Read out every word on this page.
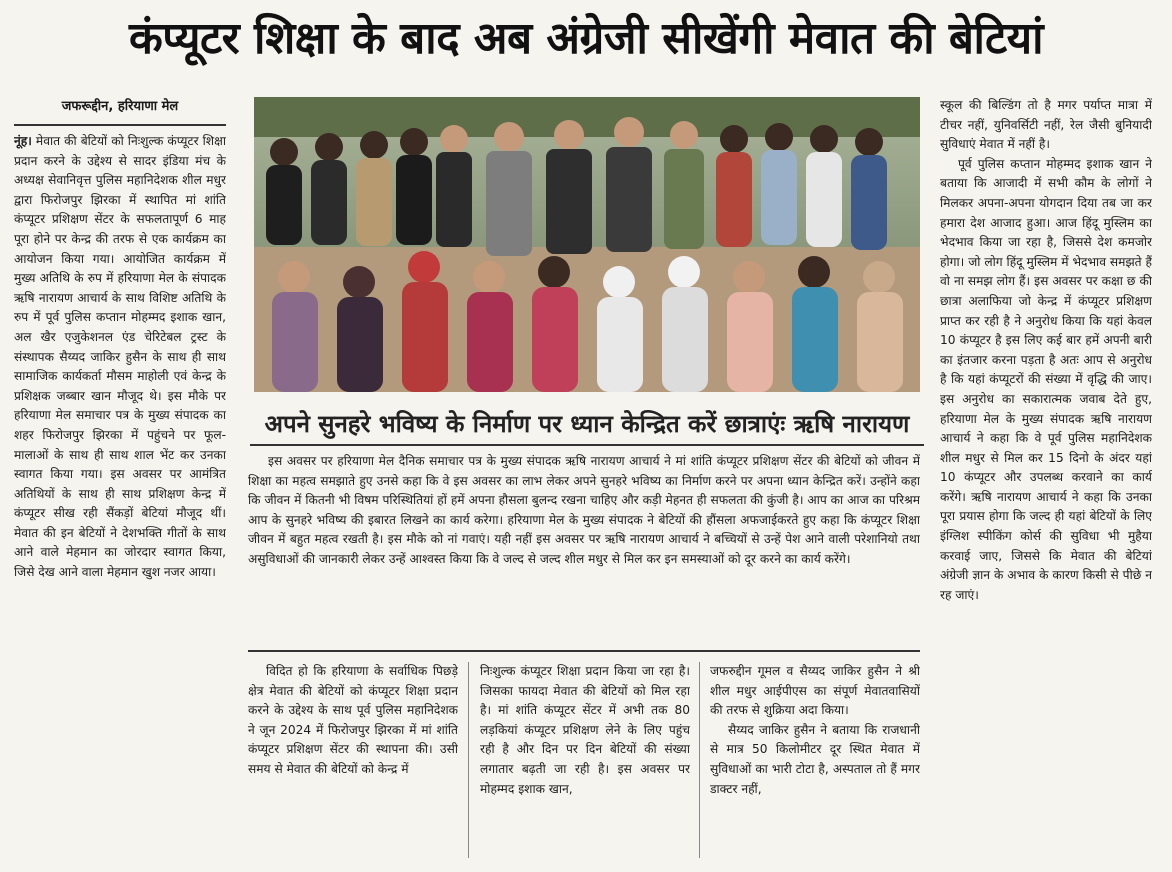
कंप्यूटर शिक्षा के बाद अब अंग्रेजी सीखेंगी मेवात की बेटियां
जफरूद्दीन, हरियाणा मेल

नूंह। मेवात की बेटियों को निःशुल्क कंप्यूटर शिक्षा प्रदान करने के उद्देश्य से सादर इंडिया मंच के अध्यक्ष सेवानिवृत्त पुलिस महानिदेशक शील मधुर द्वारा फिरोजपुर झिरका में स्थापित मां शांति कंप्यूटर प्रशिक्षण सेंटर के सफलतापूर्ण 6 माह पूरा होने पर केन्द्र की तरफ से एक कार्यक्रम का आयोजन किया गया। आयोजित कार्यक्रम में मुख्य अतिथि के रुप में हरियाणा मेल के संपादक ऋषि नारायण आचार्य के साथ विशिष्ट अतिथि के रुप में पूर्व पुलिस कप्तान मोहम्मद इशाक खान, अल खैर एजुकेशनल एंड चेरिटेबल ट्रस्ट के संस्थापक सैय्यद जाकिर हुसैन के साथ ही साथ सामाजिक कार्यकर्ता मौसम माहोली एवं केन्द्र के प्रशिक्षक जब्बार खान मौजूद थे। इस मौके पर हरियाणा मेल समाचार पत्र के मुख्य संपादक का शहर फिरोजपुर झिरका में पहुंचने पर फूल-मालाओं के साथ ही साथ शाल भेंट कर उनका स्वागत किया गया। इस अवसर पर आमंत्रित अतिथियों के साथ ही साथ प्रशिक्षण केन्द्र में कंप्यूटर सीख रही सैंकड़ों बेटियां मौजूद थीं। मेवात की इन बेटियों ने देशभक्ति गीतों के साथ आने वाले मेहमान का जोरदार स्वागत किया, जिसे देख आने वाला मेहमान खुश नजर आया।

अपने सुनहरे भविष्य के निर्माण पर ध्यान केन्द्रित करें छात्राएंः ऋषि नारायण

इस अवसर पर हरियाणा मेल दैनिक समाचार पत्र के मुख्य संपादक ऋषि नारायण आचार्य ने मां शांति कंप्यूटर प्रशिक्षण सेंटर की बेटियों को जीवन में शिक्षा का महत्व समझाते हुए उनसे कहा कि वे इस अवसर का लाभ लेकर अपने सुनहरे भविष्य का निर्माण करने पर अपना ध्यान केन्द्रित करें। उन्होंने कहा कि जीवन में कितनी भी विषम परिस्थितियां हों हमें अपना हौसला बुलन्द रखना चाहिए और कड़ी मेहनत ही सफलता की कुंजी है। आप का आज का परिश्रम आप के सुनहरे भविष्य की इबारत लिखने का कार्य करेगा। हरियाणा मेल के मुख्य संपादक ने बेटियों की हौंसला अफजाईकरते हुए कहा कि कंप्यूटर शिक्षा जीवन में बहुत महत्व रखती है। इस मौके को नां गवाएं। यही नहीं इस अवसर पर ऋषि नारायण आचार्य ने बच्चियों से उन्हें पेश आने वाली परेशानियो तथा असुविधाओं की जानकारी लेकर उन्हें आश्वस्त किया कि वे जल्द से जल्द शील मधुर से मिल कर इन समस्याओं को दूर करने का कार्य करेंगे।

विदित हो कि हरियाणा के सर्वाधिक पिछड़े क्षेत्र मेवात की बेटियों को कंप्यूटर शिक्षा प्रदान करने के उद्देश्य के साथ पूर्व पुलिस महानिदेशक ने जून 2024 में फिरोजपुर झिरका में मां शांति कंप्यूटर प्रशिक्षण सेंटर की स्थापना की। उसी समय से मेवात की बेटियों को केन्द्र में

निःशुल्क कंप्यूटर शिक्षा प्रदान किया जा रहा है। जिसका फायदा मेवात की बेटियों को मिल रहा है। मां शांति कंप्यूटर सेंटर में अभी तक 80 लड़कियां कंप्यूटर प्रशिक्षण लेने के लिए पहुंच रही है और दिन पर दिन बेटियों की संख्या लगातार बढ़ती जा रही है। इस अवसर पर मोहम्मद इशाक खान,

जफरुद्दीन गूमल व सैय्यद जाकिर हुसैन ने श्री शील मधुर आईपीएस का संपूर्ण मेवातवासियों की तरफ से शुक्रिया अदा किया।

सैय्यद जाकिर हुसैन ने बताया कि राजधानी से मात्र 50 किलोमीटर दूर स्थित मेवात में सुविधाओं का भारी टोटा है, अस्पताल तो हैं मगर डाक्टर नहीं,

स्कूल की बिल्डिंग तो है मगर पर्याप्त मात्रा में टीचर नहीं, युनिवर्सिटी नहीं, रेल जैसी बुनियादी सुविधाएं मेवात में नहीं है।

पूर्व पुलिस कप्तान मोहम्मद इशाक खान ने बताया कि आजादी में सभी कौम के लोगों ने मिलकर अपना-अपना योगदान दिया तब जा कर हमारा देश आजाद हुआ। आज हिंदू मुस्लिम का भेदभाव किया जा रहा है, जिससे देश कमजोर होगा। जो लोग हिंदू मुस्लिम में भेदभाव समझते हैं वो ना समझ लोग हैं। इस अवसर पर कक्षा छ की छात्रा अलाफिया जो केन्द्र में कंप्यूटर प्रशिक्षण प्राप्त कर रही है ने अनुरोध किया कि यहां केवल 10 कंप्यूटर है इस लिए कई बार हमें अपनी बारी का इंतजार करना पड़ता है अतः आप से अनुरोध है कि यहां कंप्यूटरों की संख्या में वृद्धि की जाए। इस अनुरोध का सकारात्मक जवाब देते हुए, हरियाणा मेल के मुख्य संपादक ऋषि नारायण आचार्य ने कहा कि वे पूर्व पुलिस महानिदेशक शील मधुर से मिल कर 15 दिनो के अंदर यहां 10 कंप्यूटर और उपलब्ध करवाने का कार्य करेंगे। ऋषि नारायण आचार्य ने कहा कि उनका पूरा प्रयास होगा कि जल्द ही यहां बेटियों के लिए इंग्लिश स्पीकिंग कोर्स की सुविधा भी मुहैया करवाई जाए, जिससे कि मेवात की बेटियां अंग्रेजी ज्ञान के अभाव के कारण किसी से पीछे न रह जाएं।
